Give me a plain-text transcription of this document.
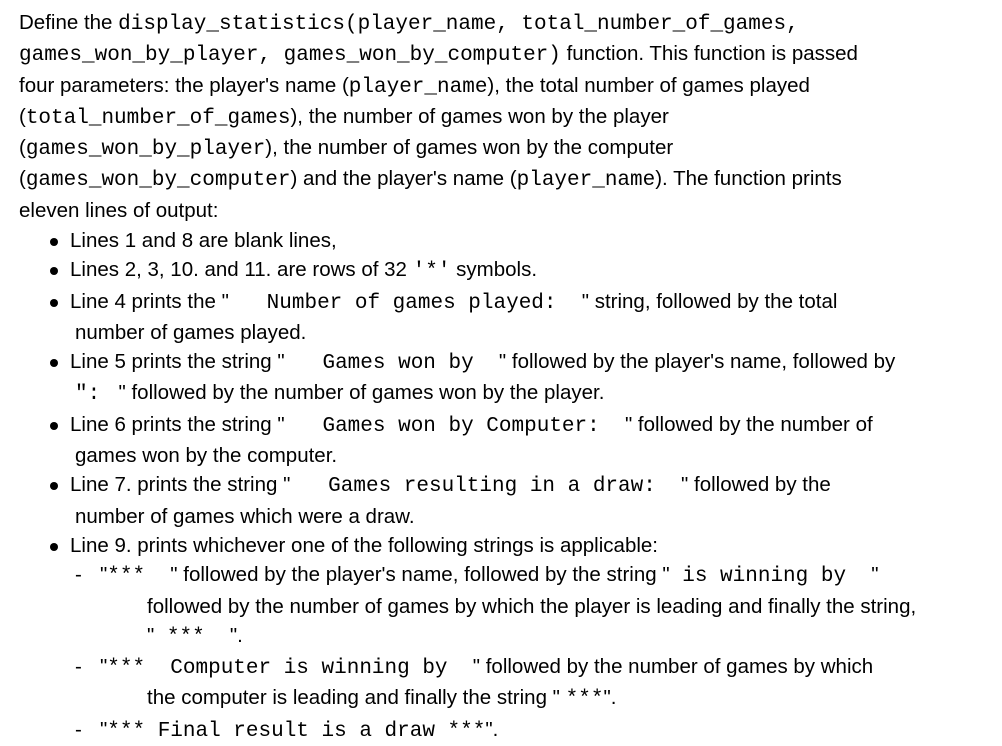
Define the display_statistics(player_name, total_number_of_games,
games_won_by_player, games_won_by_computer) function. This function is passed
four parameters: the player's name (player_name), the total number of games played
(total_number_of_games), the number of games won by the player
(games_won_by_player), the number of games won by the computer
(games_won_by_computer) and the player's name (player_name). The function prints
eleven lines of output:

Lines 1 and 8 are blank lines,
Lines 2, 3, 10. and 11. are rows of 32 '*' symbols.
Line 4 prints the "   Number of games played:  " string, followed by the total
number of games played.
Line 5 prints the string "   Games won by  " followed by the player's name, followed by
":  " followed by the number of games won by the player.
Line 6 prints the string "   Games won by Computer:  " followed by the number of
games won by the computer.
Line 7. prints the string "   Games resulting in a draw:  " followed by the
number of games which were a draw.
Line 9. prints whichever one of the following strings is applicable:
- "***  " followed by the player's name, followed by the string " is winning by  "
followed by the number of games by which the player is leading and finally the string,
" ***  ".
- "***  Computer is winning by  " followed by the number of games by which
the computer is leading and finally the string " ***".
- "*** Final result is a draw ***".
